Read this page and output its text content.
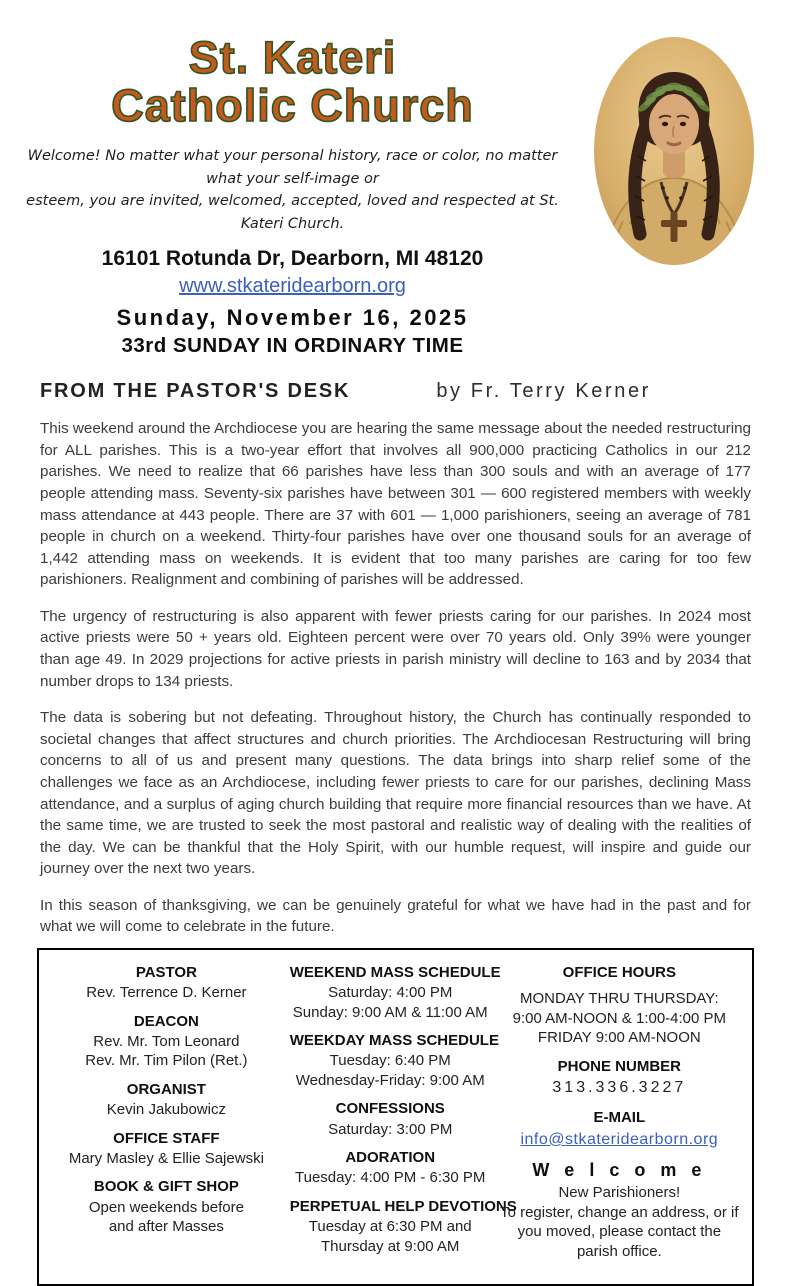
St. Kateri
Catholic Church
Welcome! No matter what your personal history, race or color, no matter what your self-image or
esteem, you are invited, welcomed, accepted, loved and respected at St. Kateri Church.
16101 Rotunda Dr, Dearborn, MI 48120
www.stkateridearborn.org
Sunday, November 16, 2025
33rd SUNDAY IN ORDINARY TIME
FROM THE PASTOR'S DESK	by Fr. Terry Kerner

This weekend around the Archdiocese you are hearing the same message about the needed restructuring for ALL parishes. This is a two-year effort that involves all 900,000 practicing Catholics in our 212 parishes. We need to realize that 66 parishes have less than 300 souls and with an average of 177 people attending mass. Seventy-six parishes have between 301 — 600 registered members with weekly mass attendance at 443 people. There are 37 with 601 — 1,000 parishioners, seeing an average of 781 people in church on a weekend. Thirty-four parishes have over one thousand souls for an average of 1,442 attending mass on weekends. It is evident that too many parishes are caring for too few parishioners. Realignment and combining of parishes will be addressed.

The urgency of restructuring is also apparent with fewer priests caring for our parishes. In 2024 most active priests were 50 + years old. Eighteen percent were over 70 years old. Only 39% were younger than age 49. In 2029 projections for active priests in parish ministry will decline to 163 and by 2034 that number drops to 134 priests.

The data is sobering but not defeating. Throughout history, the Church has continually responded to societal changes that affect structures and church priorities. The Archdiocesan Restructuring will bring concerns to all of us and present many questions. The data brings into sharp relief some of the challenges we face as an Archdiocese, including fewer priests to care for our parishes, declining Mass attendance, and a surplus of aging church building that require more financial resources than we have. At the same time, we are trusted to seek the most pastoral and realistic way of dealing with the realities of the day. We can be thankful that the Holy Spirit, with our humble request, will inspire and guide our journey over the next two years.

In this season of thanksgiving, we can be genuinely grateful for what we have had in the past and for what we will come to celebrate in the future.

PASTOR
Rev. Terrence D. Kerner
DEACON
Rev. Mr. Tom Leonard
Rev. Mr. Tim Pilon (Ret.)
ORGANIST
Kevin Jakubowicz
OFFICE STAFF
Mary Masley & Ellie Sajewski
BOOK & GIFT SHOP
Open weekends before
and after Masses
WEEKEND MASS SCHEDULE
Saturday: 4:00 PM
Sunday: 9:00 AM & 11:00 AM
WEEKDAY MASS SCHEDULE
Tuesday: 6:40 PM
Wednesday-Friday: 9:00 AM
CONFESSIONS
Saturday: 3:00 PM
ADORATION
Tuesday: 4:00 PM - 6:30 PM
PERPETUAL HELP DEVOTIONS
Tuesday at 6:30 PM and
Thursday at 9:00 AM
OFFICE HOURS
MONDAY THRU THURSDAY:
9:00 AM-NOON & 1:00-4:00 PM
FRIDAY 9:00 AM-NOON
PHONE NUMBER
313.336.3227
E-MAIL
info@stkateridearborn.org
W e l c o m e
New Parishioners!
To register, change an address, or if
you moved, please contact the
parish office.
